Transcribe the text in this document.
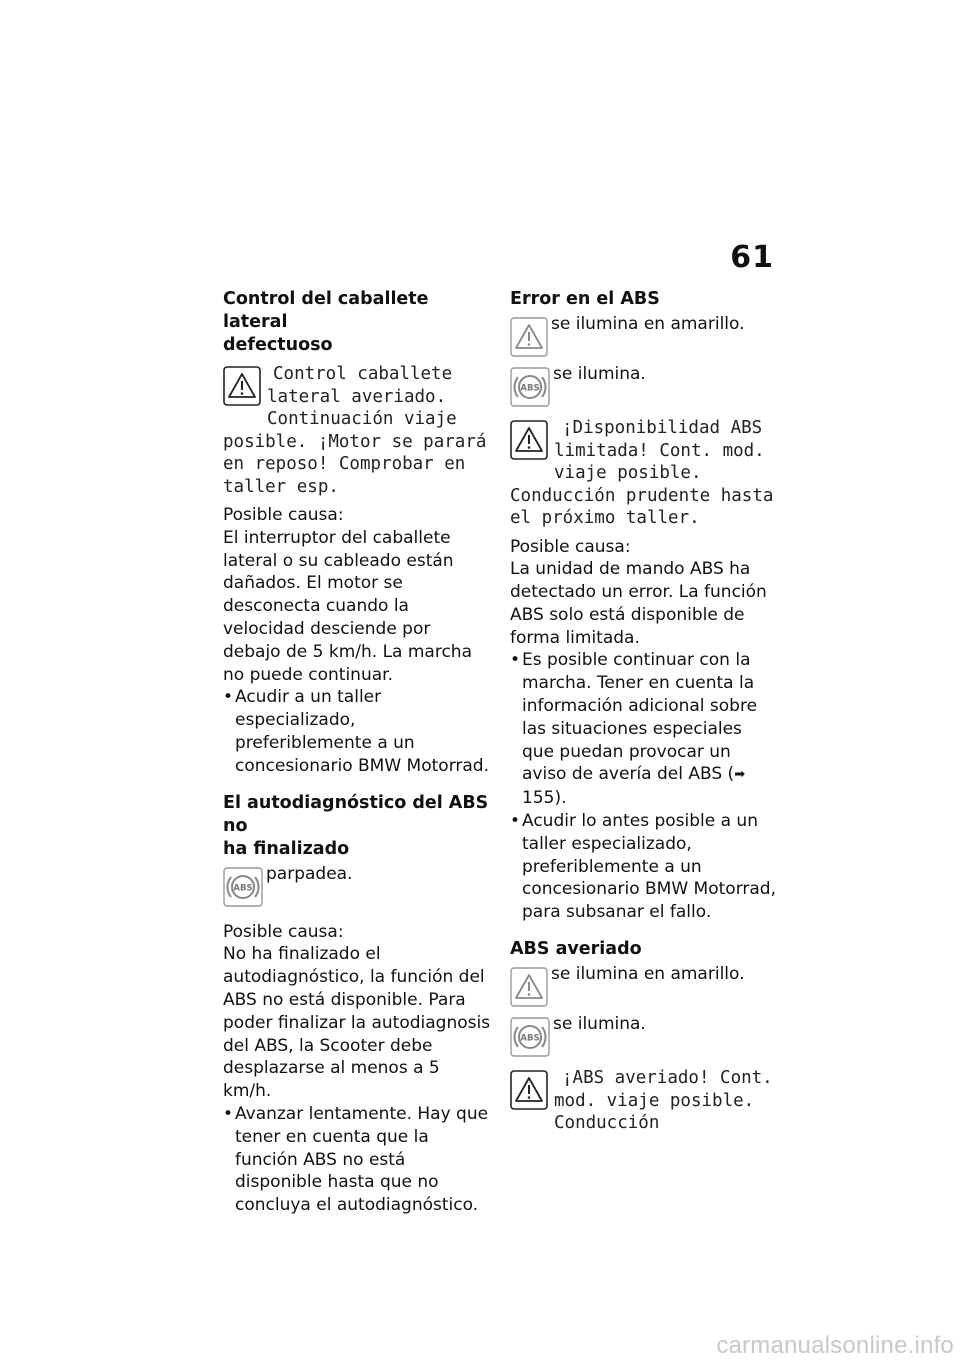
61
Control del caballete lateral
defectuoso
Control caballete lateral averiado. Continuación viaje posible. ¡Motor se parará en reposo! Comprobar en taller esp.

Posible causa:

El interruptor del caballete lateral o su cableado están dañados. El motor se desconecta cuando la velocidad desciende por debajo de 5 km/h. La marcha no puede continuar.

• Acudir a un taller especializado, preferiblemente a un concesionario BMW Motorrad.
El autodiagnóstico del ABS no
ha finalizado
ABS
parpadea.

Posible causa:

No ha finalizado el autodiagnóstico, la función del ABS no está disponible. Para poder finalizar la autodiagnosis del ABS, la Scooter debe desplazarse al menos a 5 km/h.

• Avanzar lentamente. Hay que tener en cuenta que la función ABS no está disponible hasta que no concluya el autodiagnóstico.
Error en el ABS
se ilumina en amarillo.
ABS
se ilumina.
¡Disponibilidad ABS limitada! Cont. mod. viaje posible. Conducción prudente hasta el próximo taller.

Posible causa:

La unidad de mando ABS ha detectado un error. La función ABS solo está disponible de forma limitada.

• Es posible continuar con la marcha. Tener en cuenta la información adicional sobre las situaciones especiales que puedan provocar un aviso de avería del ABS (➡ 155).
• Acudir lo antes posible a un taller especializado, preferiblemente a un concesionario BMW Motorrad, para subsanar el fallo.
ABS averiado
se ilumina en amarillo.
ABS
se ilumina.
¡ABS averiado! Cont. mod. viaje posible. Conducción
carmanualsonline.info
